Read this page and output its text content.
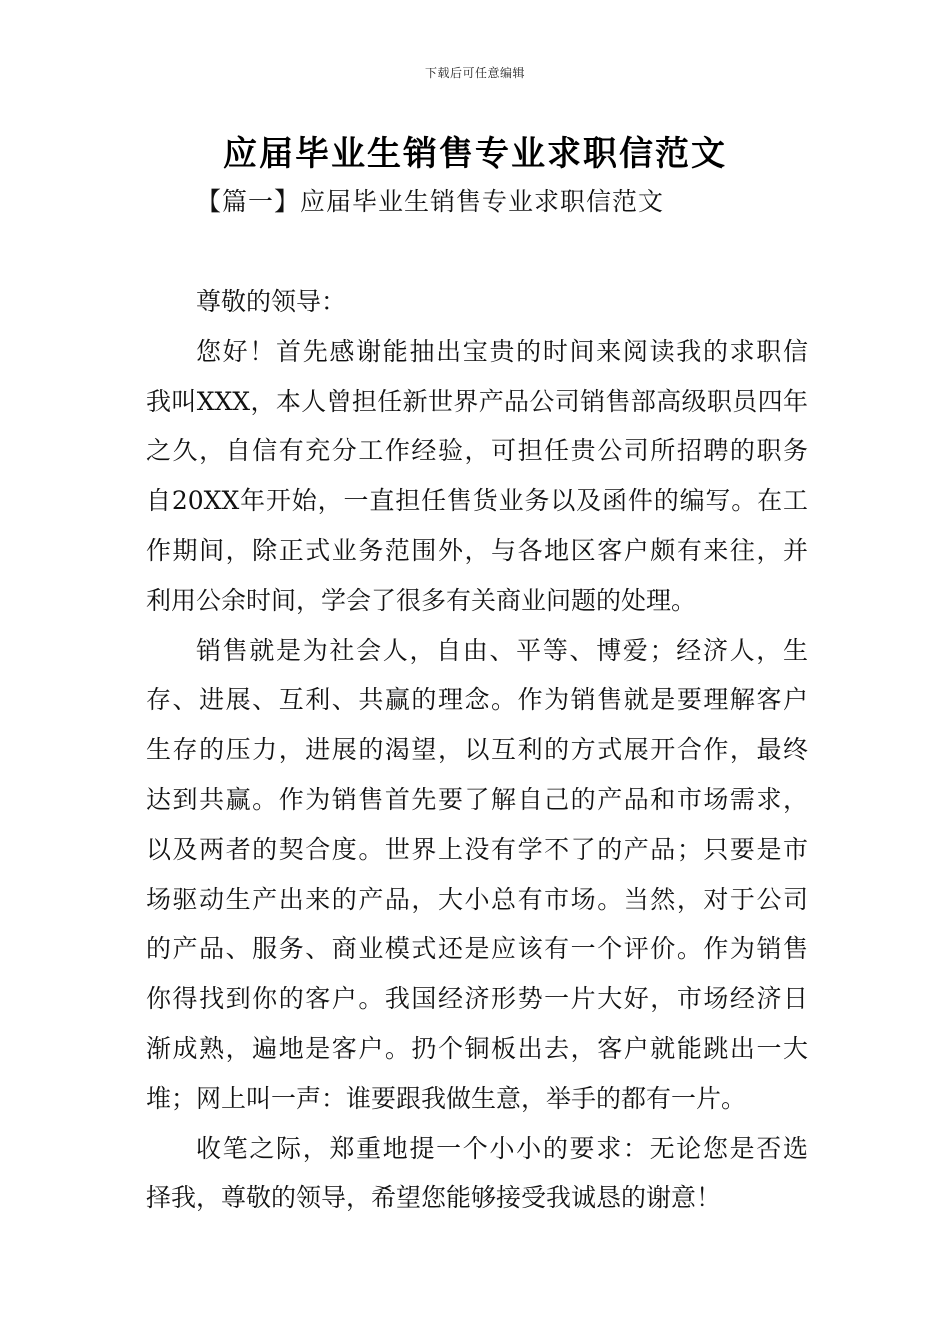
下载后可任意编辑
应届毕业生销售专业求职信范文
【篇一】应届毕业生销售专业求职信范文
尊敬的领导：
您好！首先感谢能抽出宝贵的时间来阅读我的求职信
我叫XXX，本人曾担任新世界产品公司销售部高级职员四年
之久，自信有充分工作经验，可担任贵公司所招聘的职务
自20XX年开始，一直担任售货业务以及函件的编写。在工
作期间，除正式业务范围外，与各地区客户颇有来往，并
利用公余时间，学会了很多有关商业问题的处理。
销售就是为社会人，自由、平等、博爱；经济人，生
存、进展、互利、共赢的理念。作为销售就是要理解客户
生存的压力，进展的渴望，以互利的方式展开合作，最终
达到共赢。作为销售首先要了解自己的产品和市场需求，
以及两者的契合度。世界上没有学不了的产品；只要是市
场驱动生产出来的产品，大小总有市场。当然，对于公司
的产品、服务、商业模式还是应该有一个评价。作为销售
你得找到你的客户。我国经济形势一片大好，市场经济日
渐成熟，遍地是客户。扔个铜板出去，客户就能跳出一大
堆；网上叫一声：谁要跟我做生意，举手的都有一片。
收笔之际，郑重地提一个小小的要求：无论您是否选
择我，尊敬的领导，希望您能够接受我诚恳的谢意！
